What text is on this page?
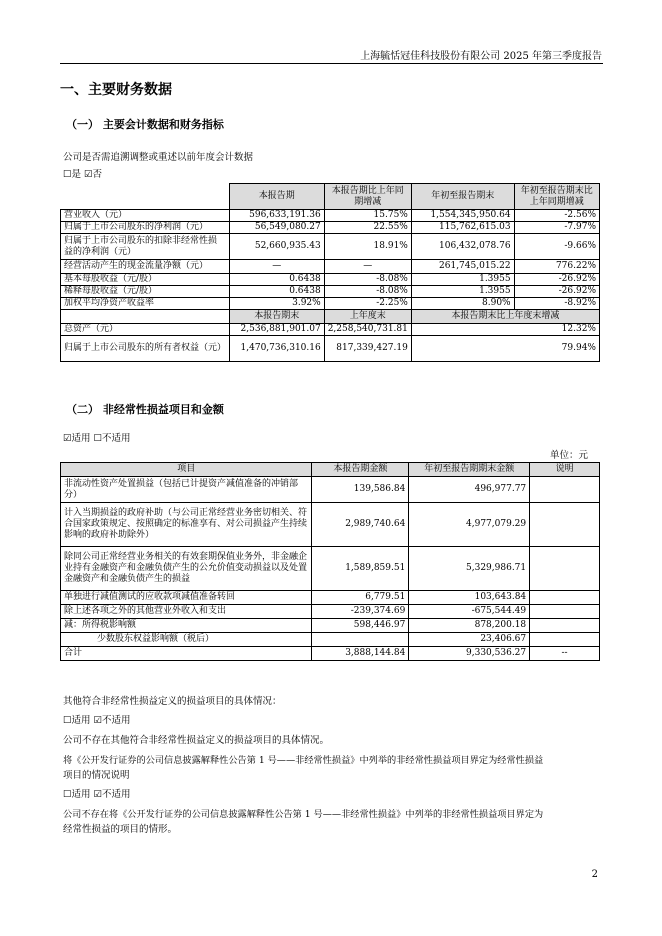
上海毓恬冠佳科技股份有限公司 2025 年第三季度报告
一、主要财务数据
（一） 主要会计数据和财务指标
公司是否需追溯调整或重述以前年度会计数据
☐是 ☑否
	本报告期	本报告期比上年同期增减	年初至报告期末	年初至报告期末比上年同期增减
营业收入（元）	596,633,191.36	15.75%	1,554,345,950.64	-2.56%
归属于上市公司股东的净利润（元）	56,549,080.27	22.55%	115,762,615.03	-7.97%
归属于上市公司股东的扣除非经常性损益的净利润（元）	52,660,935.43	18.91%	106,432,078.76	-9.66%
经营活动产生的现金流量净额（元）	—	—	261,745,015.22	776.22%
基本每股收益（元/股）	0.6438	-8.08%	1.3955	-26.92%
稀释每股收益（元/股）	0.6438	-8.08%	1.3955	-26.92%
加权平均净资产收益率	3.92%	-2.25%	8.90%	-8.92%
	本报告期末	上年度末	本报告期末比上年度末增减	
总资产（元）	2,536,881,901.07	2,258,540,731.81	12.32%	
归属于上市公司股东的所有者权益（元）	1,470,736,310.16	817,339,427.19	79.94%	
（二） 非经常性损益项目和金额
☑适用 ☐不适用
单位：元
项目	本报告期金额	年初至报告期期末金额	说明
非流动性资产处置损益（包括已计提资产减值准备的冲销部分）	139,586.84	496,977.77	
计入当期损益的政府补助（与公司正常经营业务密切相关、符合国家政策规定、按照确定的标准享有、对公司损益产生持续影响的政府补助除外）	2,989,740.64	4,977,079.29	
除同公司正常经营业务相关的有效套期保值业务外，非金融企业持有金融资产和金融负债产生的公允价值变动损益以及处置金融资产和金融负债产生的损益	1,589,859.51	5,329,986.71	
单独进行减值测试的应收款项减值准备转回	6,779.51	103,643.84	
除上述各项之外的其他营业外收入和支出	-239,374.69	-675,544.49	
减：所得税影响额	598,446.97	878,200.18	
少数股东权益影响额（税后）		23,406.67	
合计	3,888,144.84	9,330,536.27	--
其他符合非经常性损益定义的损益项目的具体情况：
☐适用 ☑不适用
公司不存在其他符合非经常性损益定义的损益项目的具体情况。
将《公开发行证券的公司信息披露解释性公告第 1 号——非经常性损益》中列举的非经常性损益项目界定为经常性损益
项目的情况说明
☐适用 ☑不适用
公司不存在将《公开发行证券的公司信息披露解释性公告第 1 号——非经常性损益》中列举的非经常性损益项目界定为
经常性损益的项目的情形。
2
